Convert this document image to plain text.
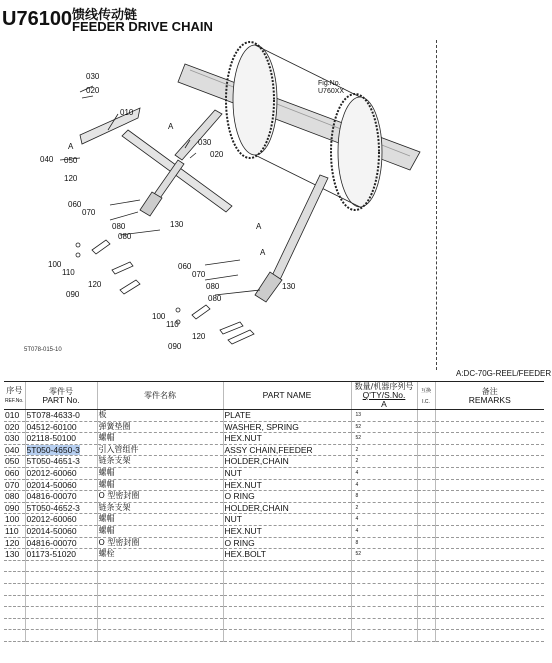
U76100 馈线传动链
FEEDER DRIVE CHAIN
Fig.No.
U760XX
030
020
010
030
020
040
A
050
120
060
070
080
080
130
100
110
120
090
A
060
070
080
080
130
100
110
120
090
A
A
5T078-015-10
A:DC-70G-REEL/FEEDER
序号
REF.No.	零件号
PART No.	零件名称	PART NAME	数量/机器序列号
Q'TY/S.No.
A	互换
I.C.	备注
REMARKS
010	5T078-4633-0	板	PLATE	13		
020	04512-60100	弹簧垫圈	WASHER, SPRING	52		
030	02118-50100	螺帽	HEX.NUT	52		
040	5T050-4650-3	引入管组件	ASSY CHAIN,FEEDER	2		
050	5T050-4651-3	链条支架	HOLDER,CHAIN	2		
060	02012-60060	螺帽	NUT	4		
070	02014-50060	螺帽	HEX.NUT	4		
080	04816-00070	O 型密封圈	O RING	8		
090	5T050-4652-3	链条支架	HOLDER,CHAIN	2		
100	02012-60060	螺帽	NUT	4		
110	02014-50060	螺帽	HEX.NUT	4		
120	04816-00070	O 型密封圈	O RING	8		
130	01173-51020	螺栓	HEX.BOLT	52		
